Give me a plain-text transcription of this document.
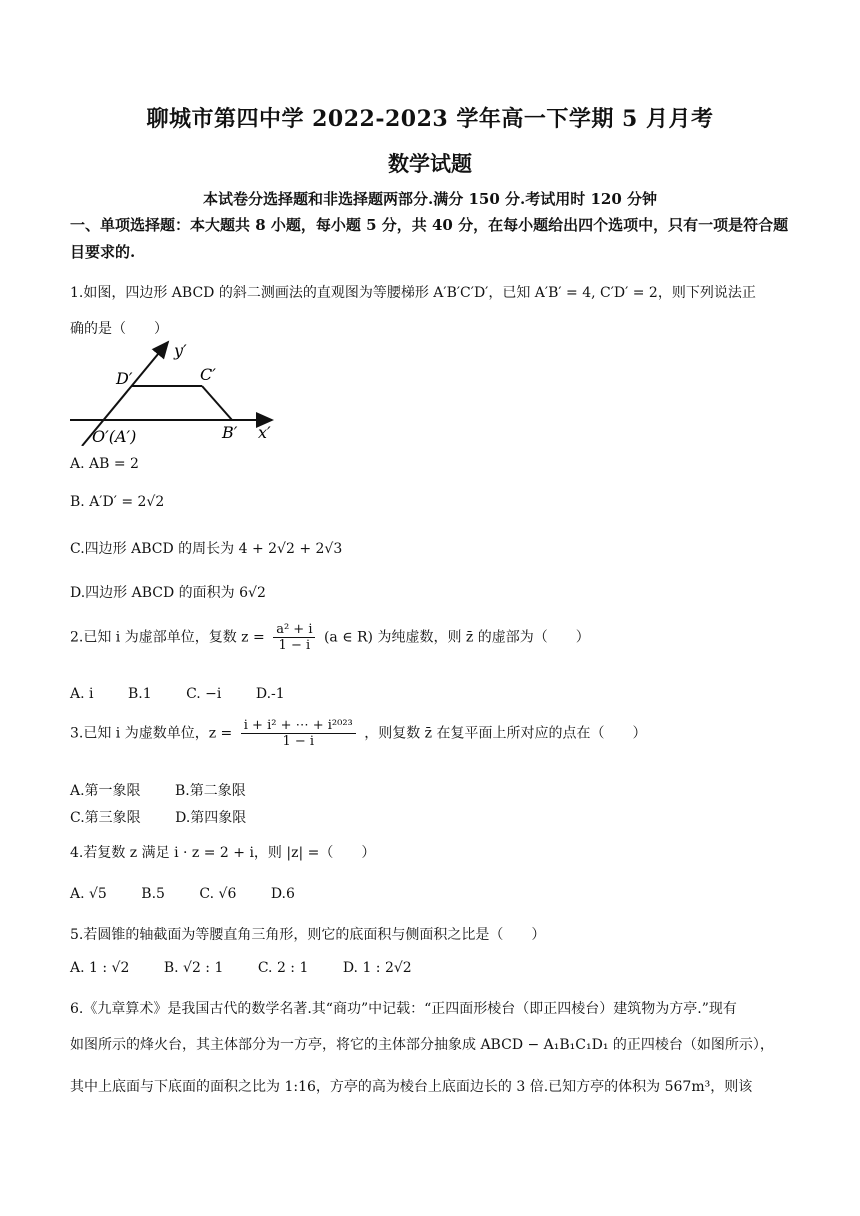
聊城市第四中学 2022-2023 学年高一下学期 5 月月考
数学试题
本试卷分选择题和非选择题两部分.满分 150 分.考试用时 120 分钟
一、单项选择题：本大题共 8 小题，每小题 5 分，共 40 分，在每小题给出四个选项中，只有一项是符合题目要求的.
1.如图，四边形 ABCD 的斜二测画法的直观图为等腰梯形 A′B′C′D′，已知 A′B′ = 4, C′D′ = 2，则下列说法正
确的是（　　）
y′
x′
D′	C′
B′
O′(A′)
A. AB = 2
B. A′D′ = 2√2
C.四边形 ABCD 的周长为 4 + 2√2 + 2√3
D.四边形 ABCD 的面积为 6√2
2.已知 i 为虚部单位，复数 $z = \frac{\text{a² + i}}{1 - i} (a$ ∈ R) 为纯虚数，则 z̄ 的虚部为（　　）
A. i B.1 C. −i D.-1
3.已知 i 为虚数单位，$z = \frac{\text{i + i² + ⋯ + i²⁰²³}}{1 - i}$ ，则复数 z̄ 在复平面上所对应的点在（　　）
A.第一象限 B.第二象限
C.第三象限 D.第四象限
4.若复数 z 满足 i · z = 2 + i，则 |z| =（　　）
A. √5 B.5 C. √6 D.6
5.若圆锥的轴截面为等腰直角三角形，则它的底面积与侧面积之比是（　　）
A. 1 : √2 B. √2 : 1 C. 2 : 1 D. 1 : 2√2
6.《九章算术》是我国古代的数学名著.其“商功”中记载：“正四面形棱台（即正四棱台）建筑物为方亭.”现有
如图所示的烽火台，其主体部分为一方亭，将它的主体部分抽象成 ABCD − A₁B₁C₁D₁ 的正四棱台（如图所示），
其中上底面与下底面的面积之比为 1:16，方亭的高为棱台上底面边长的 3 倍.已知方亭的体积为 567m³，则该
